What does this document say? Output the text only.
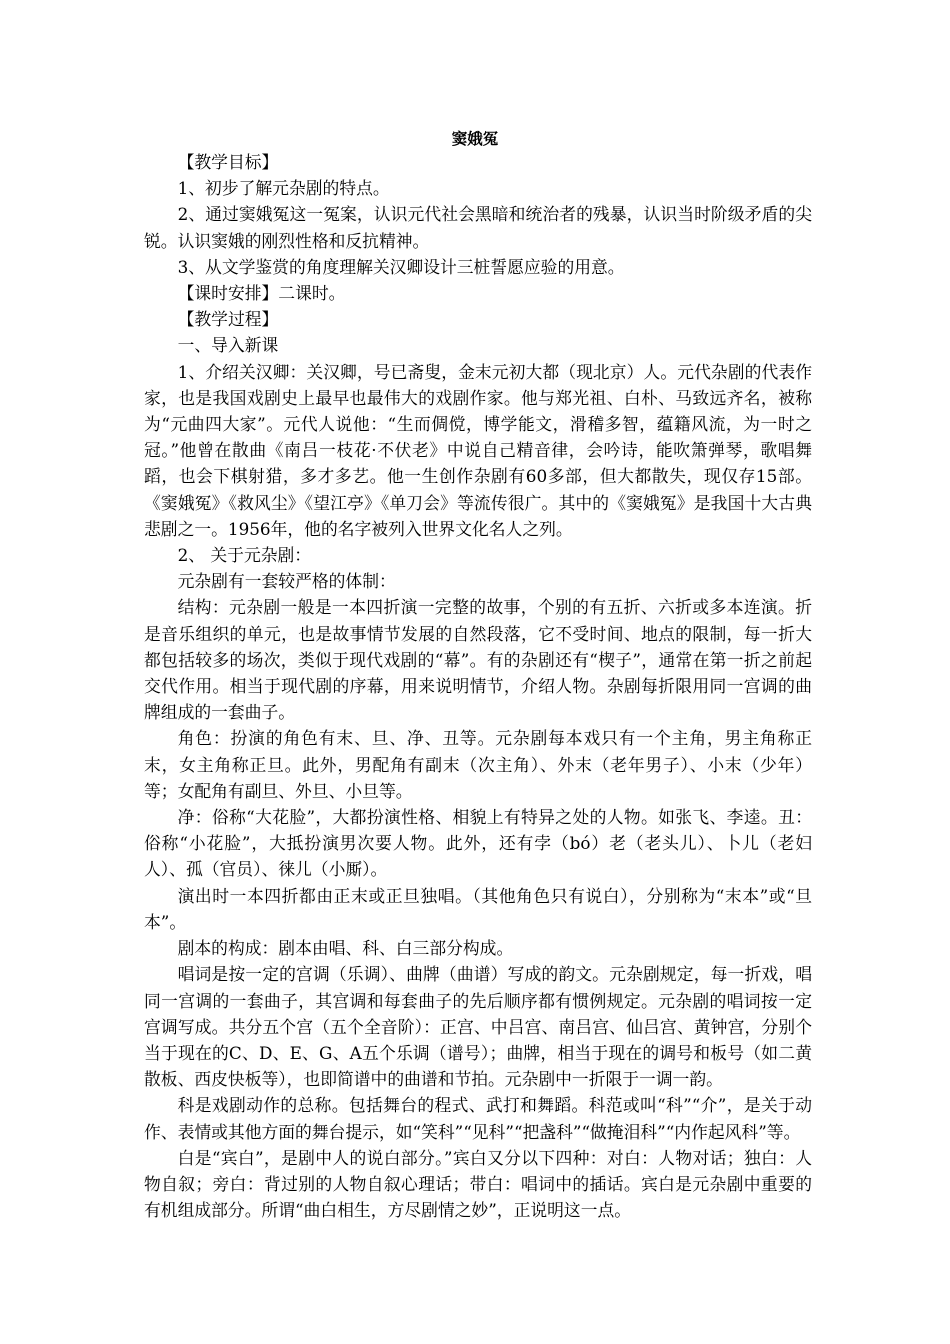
窦娥冤

【教学目标】

1、初步了解元杂剧的特点。

2、通过窦娥冤这一冤案，认识元代社会黑暗和统治者的残暴，认识当时阶级矛盾的尖锐。认识窦娥的刚烈性格和反抗精神。

3、从文学鉴赏的角度理解关汉卿设计三桩誓愿应验的用意。

【课时安排】二课时。

【教学过程】

一、导入新课

1、介绍关汉卿：关汉卿，号已斋叟，金末元初大都（现北京）人。元代杂剧的代表作家，也是我国戏剧史上最早也最伟大的戏剧作家。他与郑光祖、白朴、马致远齐名，被称为“元曲四大家”。元代人说他：“生而倜傥，博学能文，滑稽多智，蕴籍风流，为一时之冠。”他曾在散曲《南吕一枝花·不伏老》中说自己精音律，会吟诗，能吹箫弹琴，歌唱舞蹈，也会下棋射猎，多才多艺。他一生创作杂剧有60多部，但大都散失，现仅存15部。《窦娥冤》《救风尘》《望江亭》《单刀会》等流传很广。其中的《窦娥冤》是我国十大古典悲剧之一。1956年，他的名字被列入世界文化名人之列。

2、 关于元杂剧：

元杂剧有一套较严格的体制：

结构：元杂剧一般是一本四折演一完整的故事，个别的有五折、六折或多本连演。折是音乐组织的单元，也是故事情节发展的自然段落，它不受时间、地点的限制，每一折大都包括较多的场次，类似于现代戏剧的“幕”。有的杂剧还有“楔子”，通常在第一折之前起交代作用。相当于现代剧的序幕，用来说明情节，介绍人物。杂剧每折限用同一宫调的曲牌组成的一套曲子。

角色：扮演的角色有末、旦、净、丑等。元杂剧每本戏只有一个主角，男主角称正末，女主角称正旦。此外，男配角有副末（次主角）、外末（老年男子）、小末（少年）等；女配角有副旦、外旦、小旦等。

净：俗称“大花脸”，大都扮演性格、相貌上有特异之处的人物。如张飞、李逵。丑：俗称“小花脸”，大抵扮演男次要人物。此外，还有孛（bó）老（老头儿）、卜儿（老妇人）、孤（官员）、徕儿（小厮）。

演出时一本四折都由正末或正旦独唱。（其他角色只有说白），分别称为“末本”或“旦本”。

剧本的构成：剧本由唱、科、白三部分构成。

唱词是按一定的宫调（乐调）、曲牌（曲谱）写成的韵文。元杂剧规定，每一折戏，唱同一宫调的一套曲子，其宫调和每套曲子的先后顺序都有惯例规定。元杂剧的唱词按一定宫调写成。共分五个宫（五个全音阶）：正宫、中吕宫、南吕宫、仙吕宫、黄钟宫，分别个当于现在的C、D、E、G、A五个乐调（谱号）；曲牌，相当于现在的调号和板号（如二黄散板、西皮快板等），也即简谱中的曲谱和节拍。元杂剧中一折限于一调一韵。

科是戏剧动作的总称。包括舞台的程式、武打和舞蹈。科范或叫“科”“介”，是关于动作、表情或其他方面的舞台提示，如“笑科”“见科”“把盏科”“做掩泪科”“内作起风科”等。

白是“宾白”，是剧中人的说白部分。”宾白又分以下四种：对白：人物对话；独白：人物自叙；旁白：背过别的人物自叙心理话；带白：唱词中的插话。宾白是元杂剧中重要的有机组成部分。所谓“曲白相生，方尽剧情之妙”，正说明这一点。
